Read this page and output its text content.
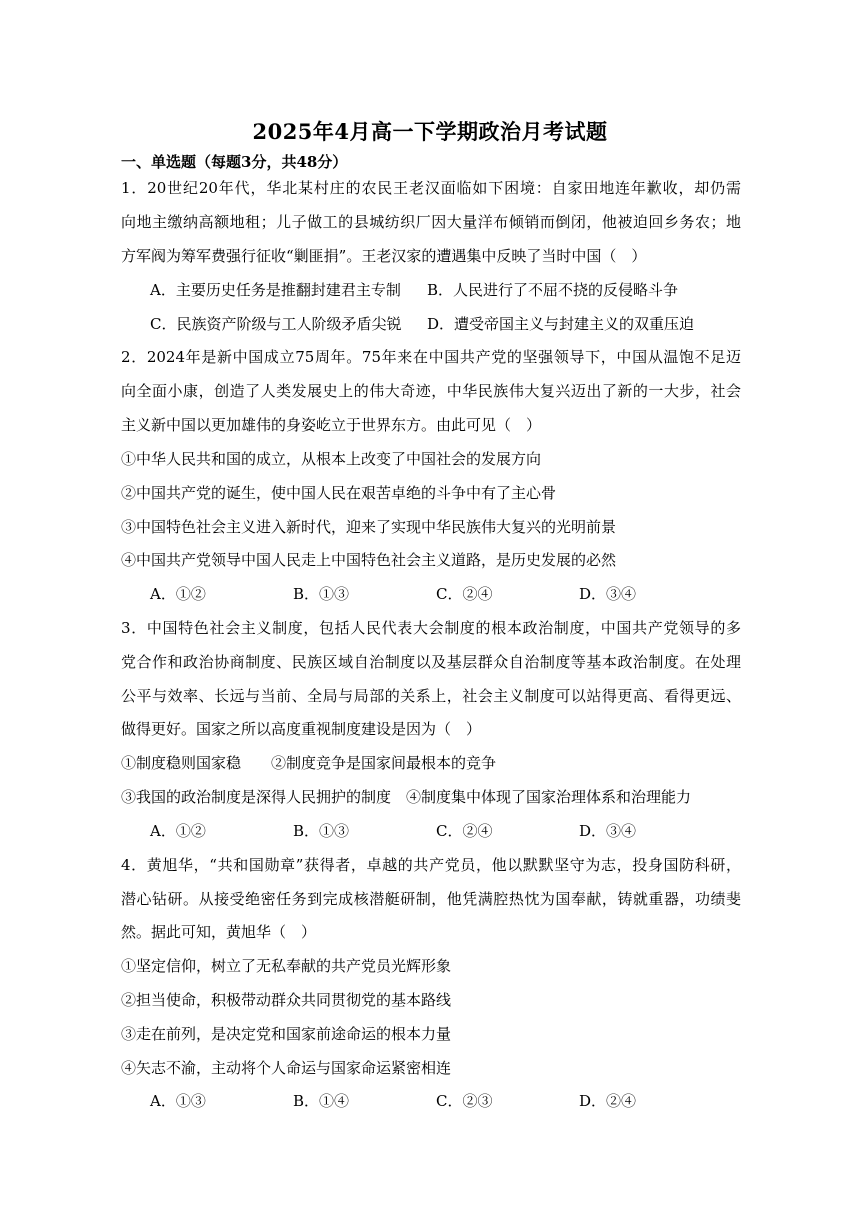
2025年4月高一下学期政治月考试题
一、单选题（每题3分，共48分）
1．20世纪20年代，华北某村庄的农民王老汉面临如下困境：自家田地连年歉收，却仍需
向地主缴纳高额地租；儿子做工的县城纺织厂因大量洋布倾销而倒闭，他被迫回乡务农；地
方军阀为筹军费强行征收“剿匪捐”。王老汉家的遭遇集中反映了当时中国（　）
A．主要历史任务是推翻封建君主专制 B．人民进行了不屈不挠的反侵略斗争
C．民族资产阶级与工人阶级矛盾尖锐 D．遭受帝国主义与封建主义的双重压迫
2．2024年是新中国成立75周年。75年来在中国共产党的坚强领导下，中国从温饱不足迈
向全面小康，创造了人类发展史上的伟大奇迹，中华民族伟大复兴迈出了新的一大步，社会
主义新中国以更加雄伟的身姿屹立于世界东方。由此可见（　）
①中华人民共和国的成立，从根本上改变了中国社会的发展方向
②中国共产党的诞生，使中国人民在艰苦卓绝的斗争中有了主心骨
③中国特色社会主义进入新时代，迎来了实现中华民族伟大复兴的光明前景
④中国共产党领导中国人民走上中国特色社会主义道路，是历史发展的必然
A．①②	B．①③	C．②④	D．③④
3．中国特色社会主义制度，包括人民代表大会制度的根本政治制度，中国共产党领导的多
党合作和政治协商制度、民族区域自治制度以及基层群众自治制度等基本政治制度。在处理
公平与效率、长远与当前、全局与局部的关系上，社会主义制度可以站得更高、看得更远、
做得更好。国家之所以高度重视制度建设是因为（　）
①制度稳则国家稳　　②制度竞争是国家间最根本的竞争
③我国的政治制度是深得人民拥护的制度　④制度集中体现了国家治理体系和治理能力
A．①②	B．①③	C．②④	D．③④
4．黄旭华，“共和国勋章”获得者，卓越的共产党员，他以默默坚守为志，投身国防科研，
潜心钻研。从接受绝密任务到完成核潜艇研制，他凭满腔热忱为国奉献，铸就重器，功绩斐
然。据此可知，黄旭华（　）
①坚定信仰，树立了无私奉献的共产党员光辉形象
②担当使命，积极带动群众共同贯彻党的基本路线
③走在前列，是决定党和国家前途命运的根本力量
④矢志不渝，主动将个人命运与国家命运紧密相连
A．①③	B．①④	C．②③	D．②④
